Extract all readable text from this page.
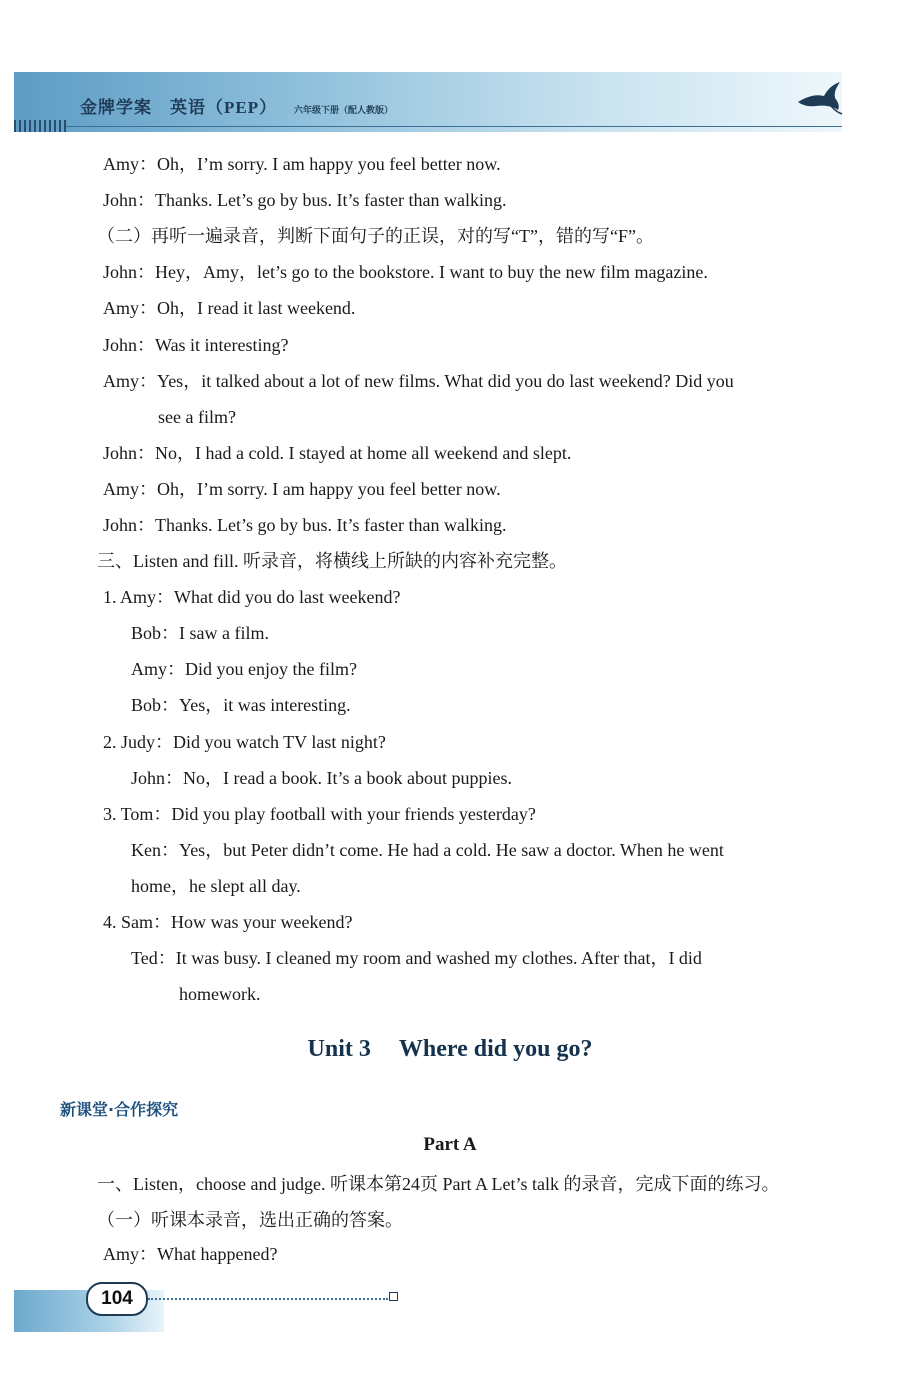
金牌学案 英语（PEP） 六年级下册（配人教版）
Amy：Oh，I’m sorry. I am happy you feel better now.
John：Thanks. Let’s go by bus. It’s faster than walking.
（二）再听一遍录音，判断下面句子的正误，对的写“T”，错的写“F”。
John：Hey，Amy，let’s go to the bookstore. I want to buy the new film magazine.
Amy：Oh，I read it last weekend.
John：Was it interesting?
Amy：Yes，it talked about a lot of new films. What did you do last weekend? Did you
see a film?
John：No，I had a cold. I stayed at home all weekend and slept.
Amy：Oh，I’m sorry. I am happy you feel better now.
John：Thanks. Let’s go by bus. It’s faster than walking.
三、Listen and fill. 听录音，将横线上所缺的内容补充完整。
1. Amy：What did you do last weekend?
Bob：I saw a film.
Amy：Did you enjoy the film?
Bob：Yes，it was interesting.
2. Judy：Did you watch TV last night?
John：No，I read a book. It’s a book about puppies.
3. Tom：Did you play football with your friends yesterday?
Ken：Yes，but Peter didn’t come. He had a cold. He saw a doctor. When he went
home，he slept all day.
4. Sam：How was your weekend?
Ted：It was busy. I cleaned my room and washed my clothes. After that，I did
homework.
Unit 3 Where did you go?
新课堂·合作探究
Part A
一、Listen，choose and judge. 听课本第24页 Part A Let’s talk 的录音，完成下面的练习。
（一）听课本录音，选出正确的答案。
Amy：What happened?
104
